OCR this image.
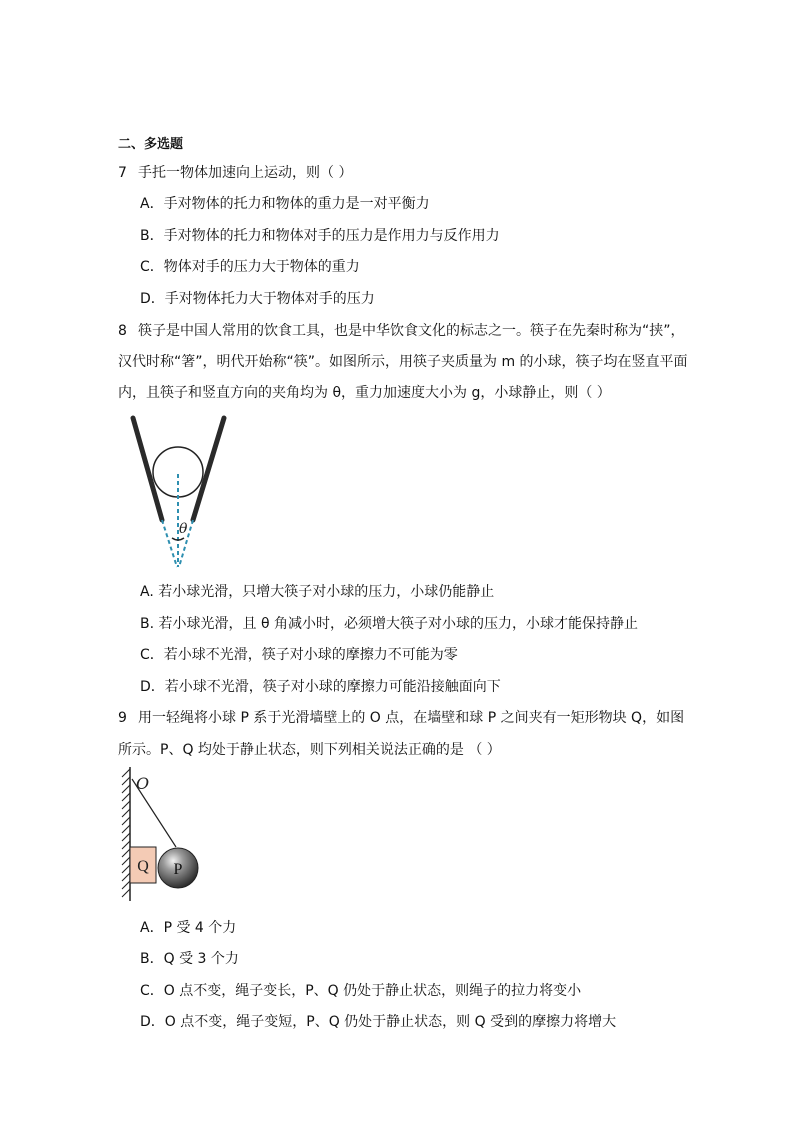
二、多选题
7 手托一物体加速向上运动，则（ ）
A．手对物体的托力和物体的重力是一对平衡力
B．手对物体的托力和物体对手的压力是作用力与反作用力
C．物体对手的压力大于物体的重力
D．手对物体托力大于物体对手的压力
8 筷子是中国人常用的饮食工具，也是中华饮食文化的标志之一。筷子在先秦时称为“挟”，
汉代时称“箸”，明代开始称“筷”。如图所示，用筷子夹质量为 m 的小球，筷子均在竖直平面
内，且筷子和竖直方向的夹角均为 θ，重力加速度大小为 g，小球静止，则（ ）
θ
A. 若小球光滑，只增大筷子对小球的压力，小球仍能静止
B. 若小球光滑，且 θ 角减小时，必须增大筷子对小球的压力，小球才能保持静止
C．若小球不光滑，筷子对小球的摩擦力不可能为零
D．若小球不光滑，筷子对小球的摩擦力可能沿接触面向下
9 用一轻绳将小球 P 系于光滑墙壁上的 O 点，在墙壁和球 P 之间夹有一矩形物块 Q，如图
所示。P、Q 均处于静止状态，则下列相关说法正确的是 （ ）
Q P
O
A．P 受 4 个力
B．Q 受 3 个力
C．O 点不变，绳子变长，P、Q 仍处于静止状态，则绳子的拉力将变小
D．O 点不变，绳子变短，P、Q 仍处于静止状态，则 Q 受到的摩擦力将增大
